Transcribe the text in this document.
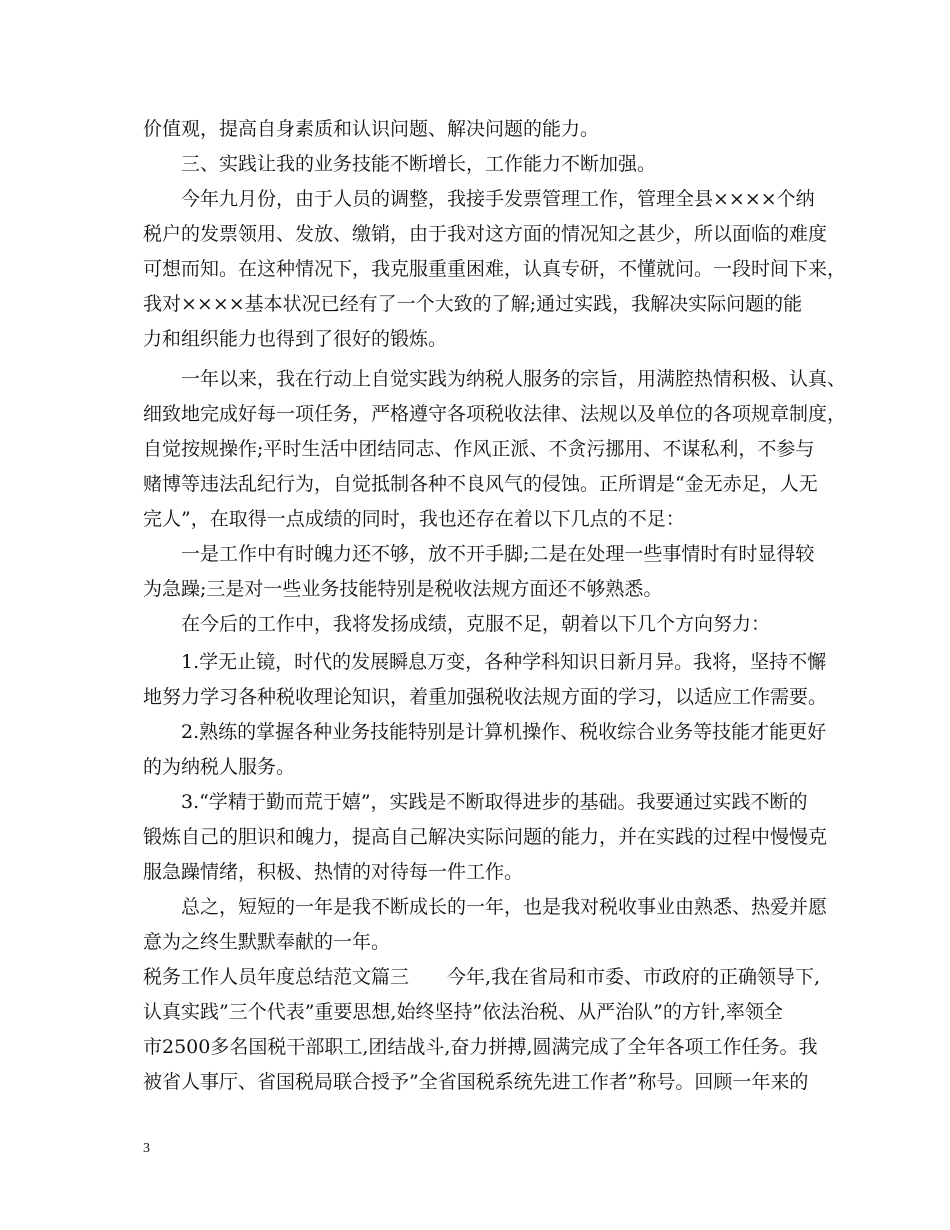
价值观，提高自身素质和认识问题、解决问题的能力。
　　三、实践让我的业务技能不断增长，工作能力不断加强。
　　今年九月份，由于人员的调整，我接手发票管理工作，管理全县××××个纳
税户的发票领用、发放、缴销，由于我对这方面的情况知之甚少，所以面临的难度
可想而知。在这种情况下，我克服重重困难，认真专研，不懂就问。一段时间下来，
我对××××基本状况已经有了一个大致的了解;通过实践，我解决实际问题的能
力和组织能力也得到了很好的锻炼。
　　一年以来，我在行动上自觉实践为纳税人服务的宗旨，用满腔热情积极、认真、
细致地完成好每一项任务，严格遵守各项税收法律、法规以及单位的各项规章制度，
自觉按规操作;平时生活中团结同志、作风正派、不贪污挪用、不谋私利，不参与
赌博等违法乱纪行为，自觉抵制各种不良风气的侵蚀。正所谓是“金无赤足，人无
完人”，在取得一点成绩的同时，我也还存在着以下几点的不足：
　　一是工作中有时魄力还不够，放不开手脚;二是在处理一些事情时有时显得较
为急躁;三是对一些业务技能特别是税收法规方面还不够熟悉。
　　在今后的工作中，我将发扬成绩，克服不足，朝着以下几个方向努力：
　　1.学无止镜，时代的发展瞬息万变，各种学科知识日新月异。我将，坚持不懈
地努力学习各种税收理论知识，着重加强税收法规方面的学习，以适应工作需要。
　　2.熟练的掌握各种业务技能特别是计算机操作、税收综合业务等技能才能更好
的为纳税人服务。
　　3.“学精于勤而荒于嬉”，实践是不断取得进步的基础。我要通过实践不断的
锻炼自己的胆识和魄力，提高自己解决实际问题的能力，并在实践的过程中慢慢克
服急躁情绪，积极、热情的对待每一件工作。
　　总之，短短的一年是我不断成长的一年，也是我对税收事业由熟悉、热爱并愿
意为之终生默默奉献的一年。
税务工作人员年度总结范文篇三　　今年,我在省局和市委、市政府的正确领导下,
认真实践”三个代表”重要思想,始终坚持”依法治税、从严治队”的方针,率领全
市2500多名国税干部职工,团结战斗,奋力拼搏,圆满完成了全年各项工作任务。我
被省人事厅、省国税局联合授予”全省国税系统先进工作者”称号。回顾一年来的
3
